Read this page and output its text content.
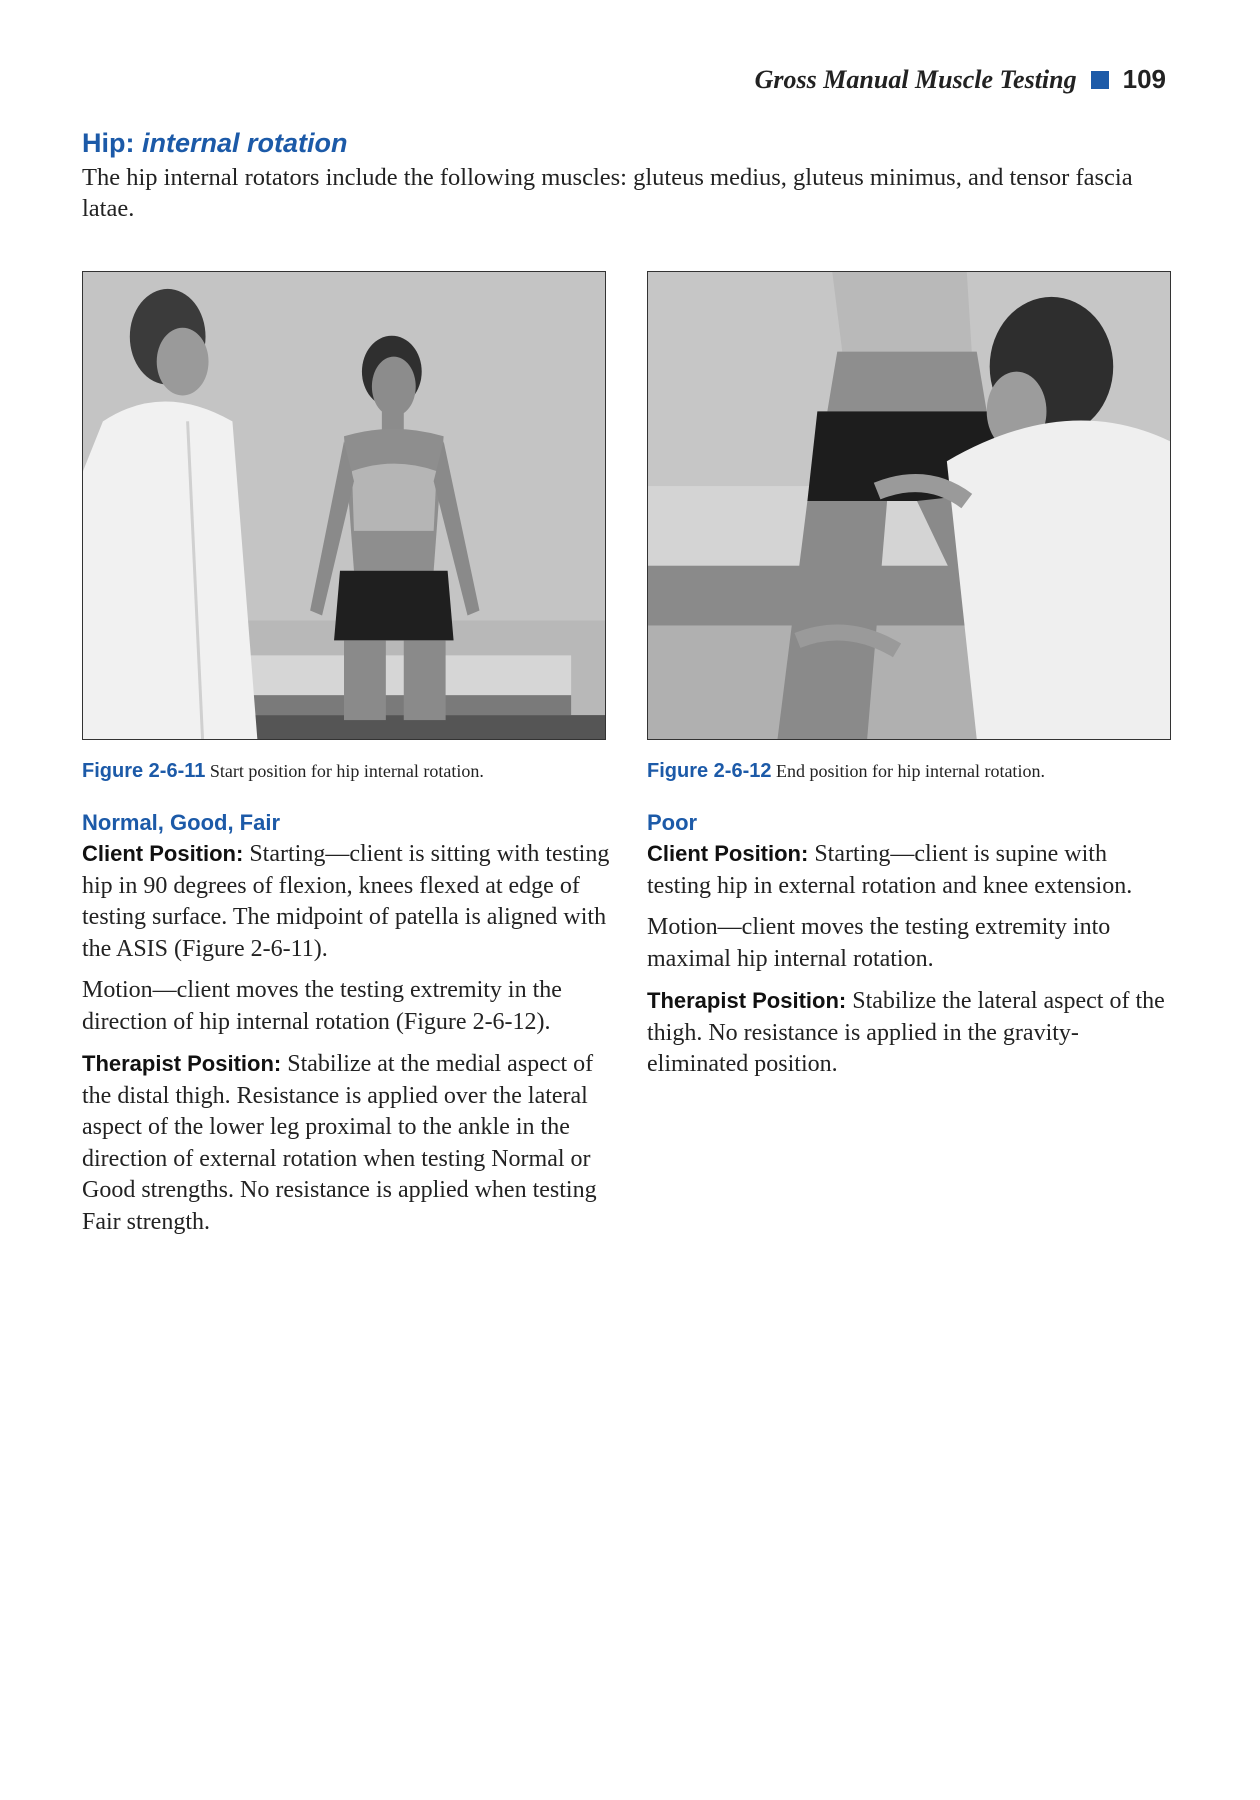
Gross Manual Muscle Testing 109
Hip: internal rotation
The hip internal rotators include the following muscles: gluteus medius, gluteus minimus, and tensor fascia latae.
Figure 2-6-11 Start position for hip internal rotation.	Figure 2-6-12 End position for hip internal rotation.
Normal, Good, Fair

Client Position: Starting—client is sitting with testing hip in 90 degrees of flexion, knees flexed at edge of testing surface. The midpoint of patella is aligned with the ASIS (Figure 2-6-11).

Motion—client moves the testing extremity in the direction of hip internal rotation (Figure 2-6-12).

Therapist Position: Stabilize at the medial aspect of the distal thigh. Resistance is applied over the lateral aspect of the lower leg proximal to the ankle in the direction of external rotation when testing Normal or Good strengths. No resistance is applied when testing Fair strength.

Poor

Client Position: Starting—client is supine with testing hip in external rotation and knee extension.

Motion—client moves the testing extremity into maximal hip internal rotation.

Therapist Position: Stabilize the lateral aspect of the thigh. No resistance is applied in the gravity-eliminated position.
